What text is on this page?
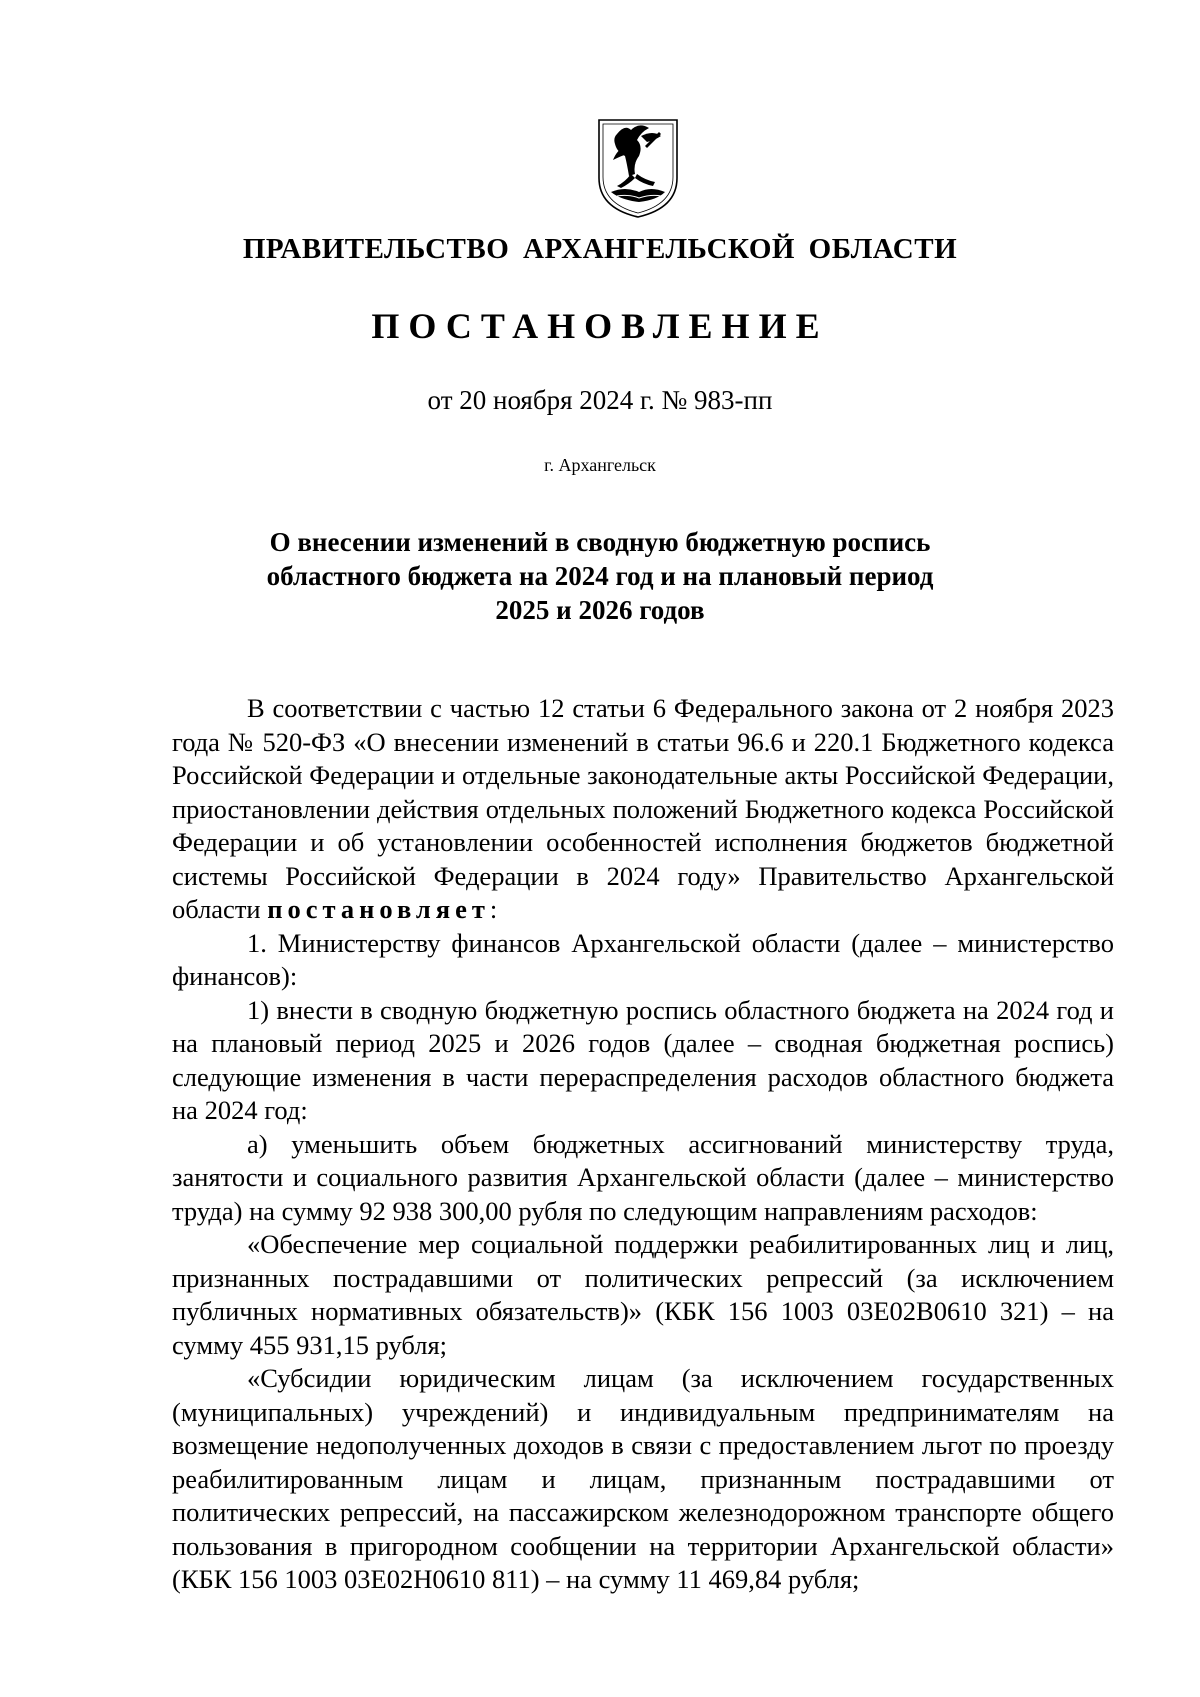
ПРАВИТЕЛЬСТВО АРХАНГЕЛЬСКОЙ ОБЛАСТИ
ПОСТАНОВЛЕНИЕ
от 20 ноября 2024 г. № 983-пп
г. Архангельск
О внесении изменений в сводную бюджетную роспись
областного бюджета на 2024 год и на плановый период
2025 и 2026 годов

В соответствии с частью 12 статьи 6 Федерального закона от 2 ноября 2023 года № 520-ФЗ «О внесении изменений в статьи 96.6 и 220.1 Бюджетного кодекса Российской Федерации и отдельные законодательные акты Российской Федерации, приостановлении действия отдельных положений Бюджетного кодекса Российской Федерации и об установлении особенностей исполнения бюджетов бюджетной системы Российской Федерации в 2024 году» Правительство Архангельской области постановляет:

1. Министерству финансов Архангельской области (далее – министерство финансов):

1) внести в сводную бюджетную роспись областного бюджета на 2024 год и на плановый период 2025 и 2026 годов (далее – сводная бюджетная роспись) следующие изменения в части перераспределения расходов областного бюджета на 2024 год:

а) уменьшить объем бюджетных ассигнований министерству труда, занятости и социального развития Архангельской области (далее – министерство труда) на сумму 92 938 300,00 рубля по следующим направлениям расходов:

«Обеспечение мер социальной поддержки реабилитированных лиц и лиц, признанных пострадавшими от политических репрессий (за исключением публичных нормативных обязательств)» (КБК 156 1003 03Е02В0610 321) – на сумму 455 931,15 рубля;

«Субсидии юридическим лицам (за исключением государственных (муниципальных) учреждений) и индивидуальным предпринимателям на возмещение недополученных доходов в связи с предоставлением льгот по проезду реабилитированным лицам и лицам, признанным пострадавшими от политических репрессий, на пассажирском железнодорожном транспорте общего пользования в пригородном сообщении на территории Архангельской области» (КБК 156 1003 03Е02Н0610 811) – на сумму 11 469,84 рубля;
